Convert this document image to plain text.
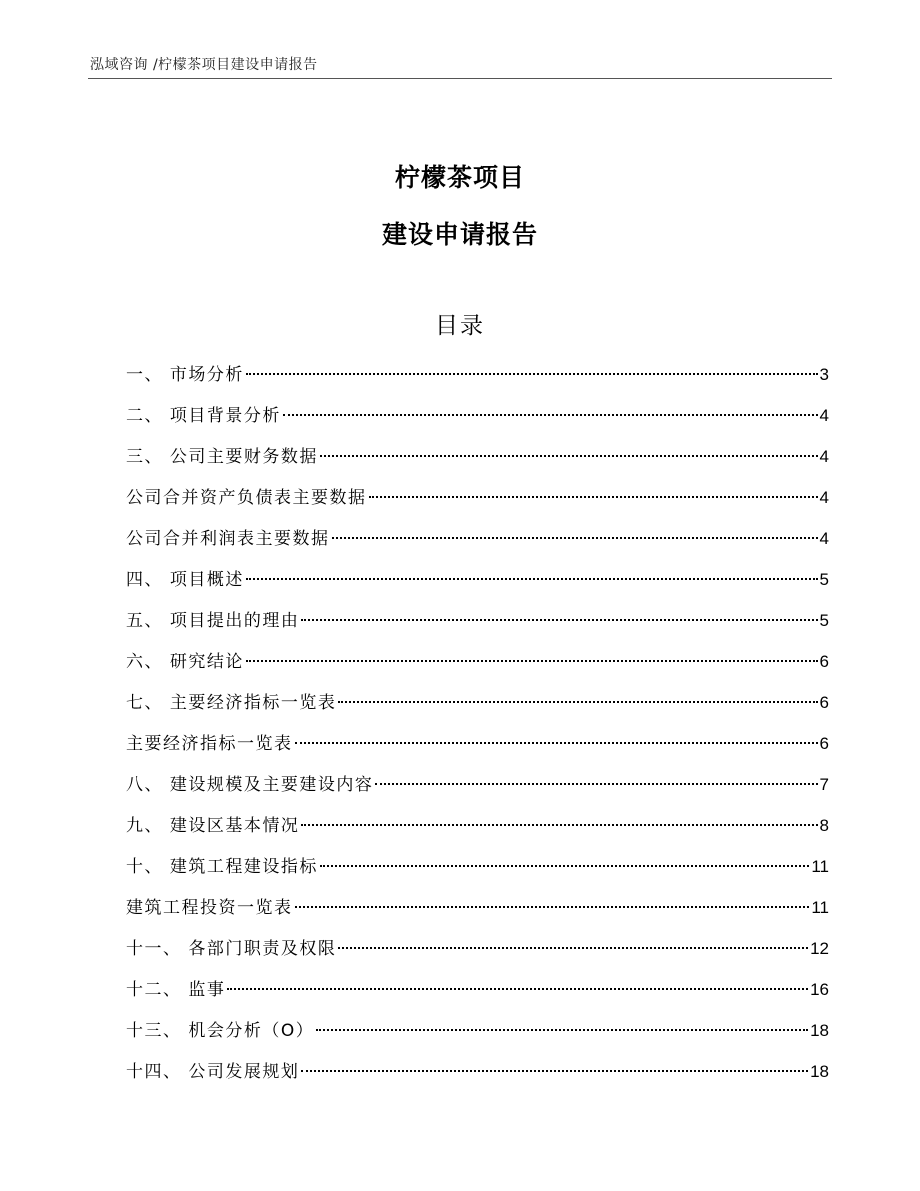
泓域咨询 /柠檬茶项目建设申请报告
柠檬茶项目
建设申请报告
目录
一、 市场分析	3
二、 项目背景分析	4
三、 公司主要财务数据	4
公司合并资产负债表主要数据	4
公司合并利润表主要数据	4
四、 项目概述	5
五、 项目提出的理由	5
六、 研究结论	6
七、 主要经济指标一览表	6
主要经济指标一览表	6
八、 建设规模及主要建设内容	7
九、 建设区基本情况	8
十、 建筑工程建设指标	11
建筑工程投资一览表	11
十一、 各部门职责及权限	12
十二、 监事	16
十三、 机会分析（O）	18
十四、 公司发展规划	18
